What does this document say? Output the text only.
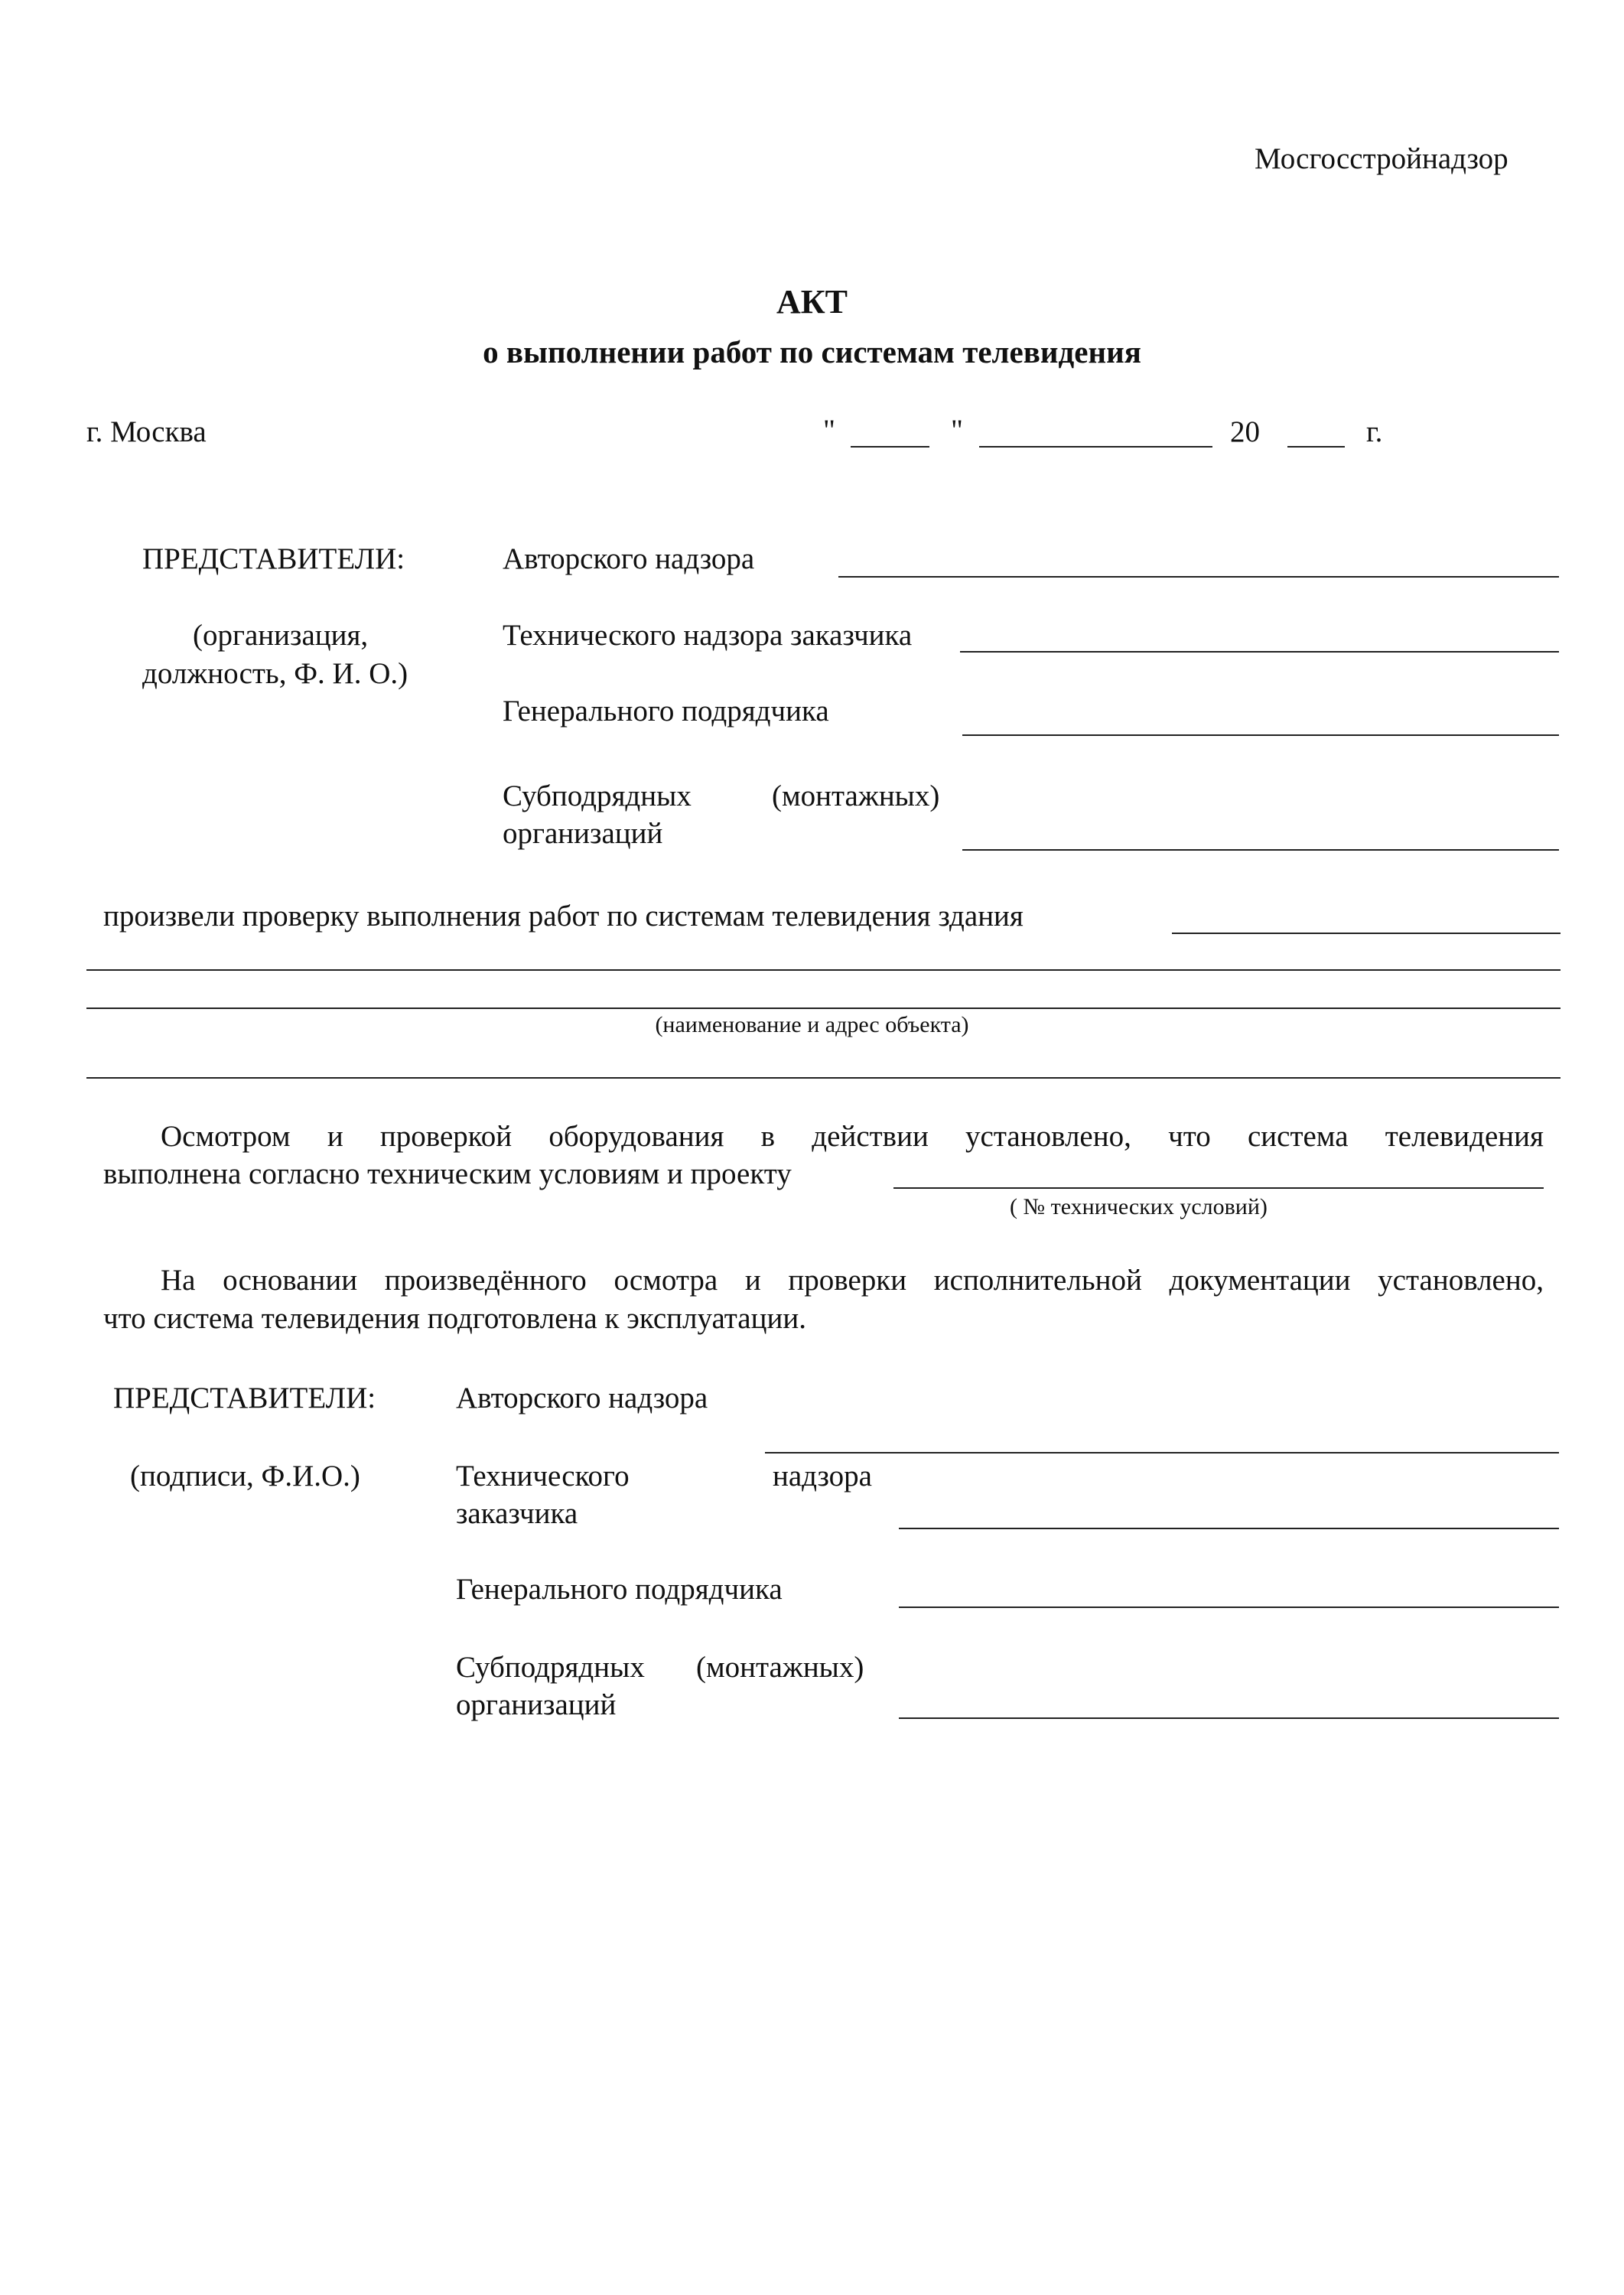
Мосгосстройнадзор
АКТ
о выполнении работ по системам телевидения
г. Москва	"	"	20	г.
ПРЕДСТАВИТЕЛИ:
(организация,
должность, Ф. И. О.)
Авторского надзора
Технического надзора заказчика
Генерального подрядчика
Субподрядных	(монтажных)
организаций
произвели проверку выполнения работ по системам телевидения здания
(наименование и адрес объекта)
Осмотром и проверкой оборудования в действии установлено, что система телевидения
выполнена согласно техническим условиям и проекту
( № технических условий)
На основании произведённого осмотра и проверки исполнительной документации установлено,
что система телевидения подготовлена к эксплуатации.
ПРЕДСТАВИТЕЛИ:
(подписи, Ф.И.О.)
Авторского надзора
Технического	надзора
заказчика
Генерального подрядчика
Субподрядных (монтажных)
организаций
